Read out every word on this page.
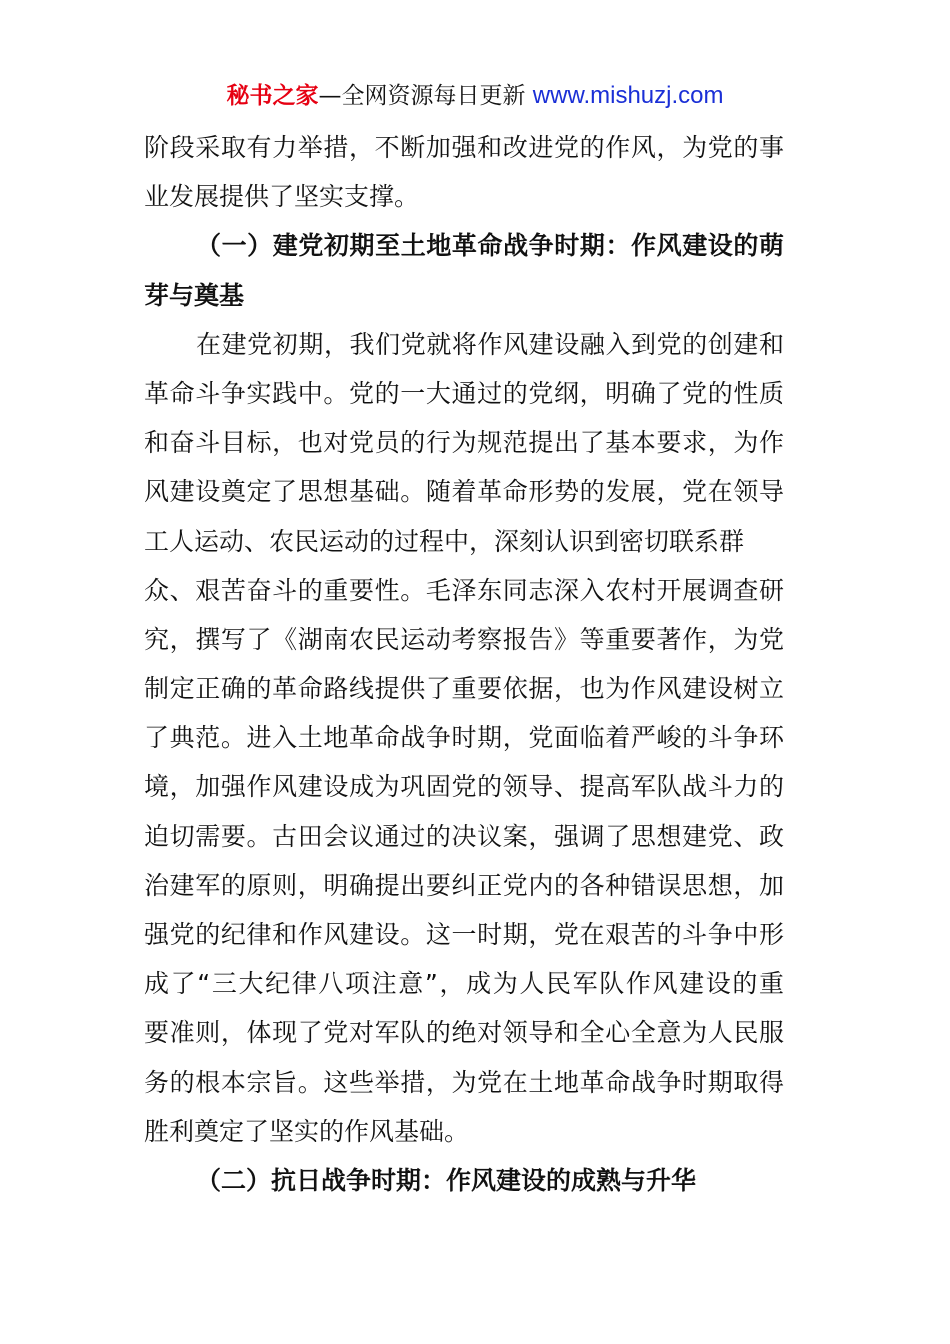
秘书之家—全网资源每日更新 www.mishuzj.com
阶段采取有力举措，不断加强和改进党的作风，为党的事
业发展提供了坚实支撑。
（一）建党初期至土地革命战争时期：作风建设的萌
芽与奠基
在建党初期，我们党就将作风建设融入到党的创建和
革命斗争实践中。党的一大通过的党纲，明确了党的性质
和奋斗目标，也对党员的行为规范提出了基本要求，为作
风建设奠定了思想基础。随着革命形势的发展，党在领导
工人运动、农民运动的过程中，深刻认识到密切联系群
众、艰苦奋斗的重要性。毛泽东同志深入农村开展调查研
究，撰写了《湖南农民运动考察报告》等重要著作，为党
制定正确的革命路线提供了重要依据，也为作风建设树立
了典范。进入土地革命战争时期，党面临着严峻的斗争环
境，加强作风建设成为巩固党的领导、提高军队战斗力的
迫切需要。古田会议通过的决议案，强调了思想建党、政
治建军的原则，明确提出要纠正党内的各种错误思想，加
强党的纪律和作风建设。这一时期，党在艰苦的斗争中形
成了“三大纪律八项注意”，成为人民军队作风建设的重
要准则，体现了党对军队的绝对领导和全心全意为人民服
务的根本宗旨。这些举措，为党在土地革命战争时期取得
胜利奠定了坚实的作风基础。
（二）抗日战争时期：作风建设的成熟与升华
